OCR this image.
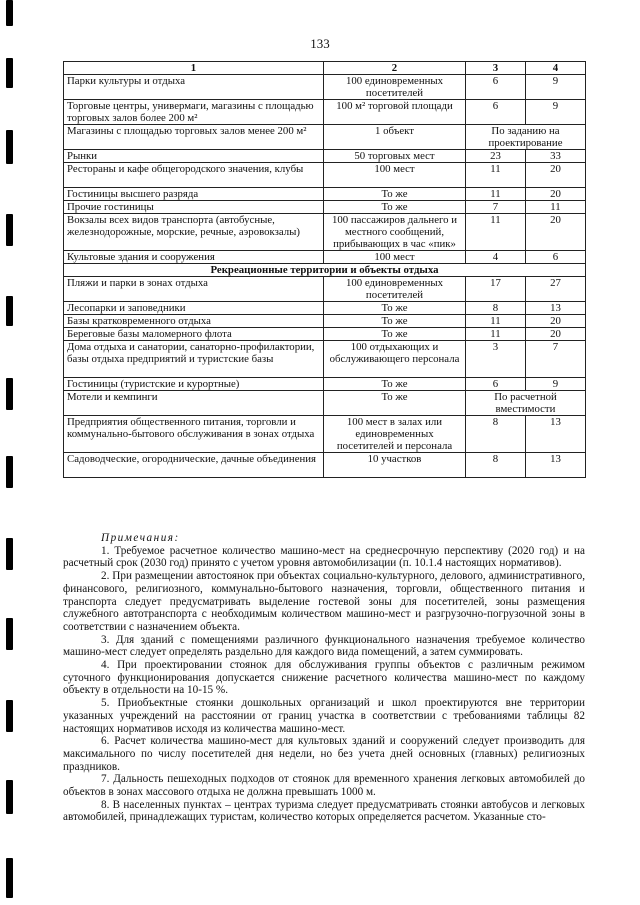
133
1	2	3	4
Парки культуры и отдыха	100 единовременных посетителей	6	9
Торговые центры, универмаги, магазины с площадью торговых залов более 200 м²	100 м² торговой площади	6	9
Магазины с площадью торговых залов менее 200 м²	1 объект	По заданию на проектирование	
Рынки	50 торговых мест	23	33
Рестораны и кафе общегородского значения, клубы	100 мест	11	20
Гостиницы высшего разряда	То же	11	20
Прочие гостиницы	То же	7	11
Вокзалы всех видов транспорта (автобусные, железнодорожные, морские, речные, аэровокзалы)	100 пассажиров дальнего и местного сообщений, прибывающих в час «пик»	11	20
Культовые здания и сооружения	100 мест	4	6
Рекреационные территории и объекты отдыха			
Пляжи и парки в зонах отдыха	100 единовременных посетителей	17	27
Лесопарки и заповедники	То же	8	13
Базы кратковременного отдыха	То же	11	20
Береговые базы маломерного флота	То же	11	20
Дома отдыха и санатории, санаторно-профилактории, базы отдыха предприятий и туристские базы	100 отдыхающих и обслуживающего персонала	3	7
Гостиницы (туристские и курортные)	То же	6	9
Мотели и кемпинги	То же	По расчетной вместимости	
Предприятия общественного питания, торговли и коммунально-бытового обслуживания в зонах отдыха	100 мест в залах или единовременных посетителей и персонала	8	13
Садоводческие, огороднические, дачные объединения	10 участков	8	13
Примечания:

1. Требуемое расчетное количество машино-мест на среднесрочную перспективу (2020 год) и на расчетный срок (2030 год) принято с учетом уровня автомобилизации (п. 10.1.4 настоящих нормативов).

2. При размещении автостоянок при объектах социально-культурного, делового, административного, финансового, религиозного, коммунально-бытового назначения, торговли, общественного питания и транспорта следует предусматривать выделение гостевой зоны для посетителей, зоны размещения служебного автотранспорта с необходимым количеством машино-мест и разгрузочно-погрузочной зоны в соответствии с назначением объекта.

3. Для зданий с помещениями различного функционального назначения требуемое количество машино-мест следует определять раздельно для каждого вида помещений, а затем суммировать.

4. При проектировании стоянок для обслуживания группы объектов с различным режимом суточного функционирования допускается снижение расчетного количества машино-мест по каждому объекту в отдельности на 10-15 %.

5. Приобъектные стоянки дошкольных организаций и школ проектируются вне территории указанных учреждений на расстоянии от границ участка в соответствии с требованиями таблицы 82 настоящих нормативов исходя из количества машино-мест.

6. Расчет количества машино-мест для культовых зданий и сооружений следует производить для максимального по числу посетителей дня недели, но без учета дней основных (главных) религиозных праздников.

7. Дальность пешеходных подходов от стоянок для временного хранения легковых автомобилей до объектов в зонах массового отдыха не должна превышать 1000 м.

8. В населенных пунктах – центрах туризма следует предусматривать стоянки автобусов и легковых автомобилей, принадлежащих туристам, количество которых определяется расчетом. Указанные сто-
